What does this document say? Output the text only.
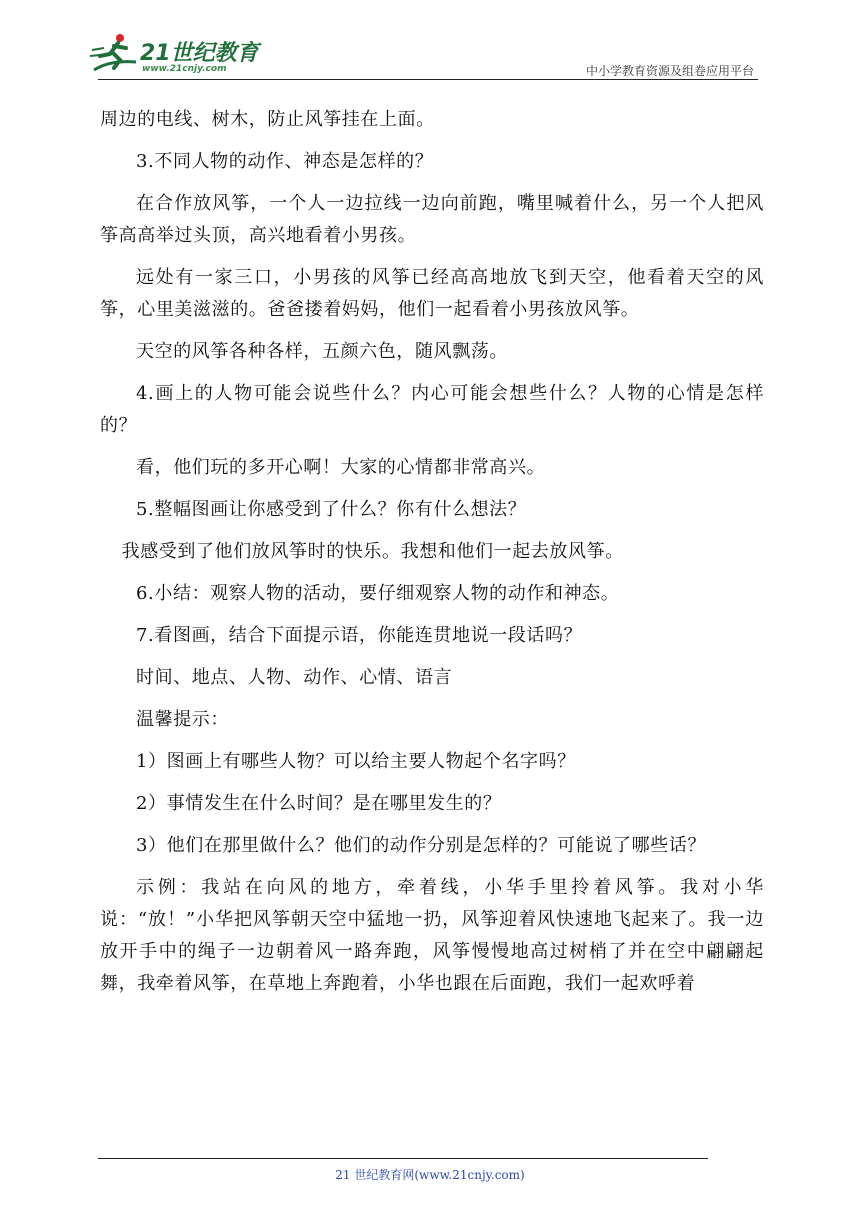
21世纪教育
www.21cnjy.com	中小学教育资源及组卷应用平台

周边的电线、树木，防止风筝挂在上面。

3.不同人物的动作、神态是怎样的？

在合作放风筝，一个人一边拉线一边向前跑，嘴里喊着什么，另一个人把风筝高高举过头顶，高兴地看着小男孩。

远处有一家三口，小男孩的风筝已经高高地放飞到天空，他看着天空的风筝，心里美滋滋的。爸爸搂着妈妈，他们一起看着小男孩放风筝。

天空的风筝各种各样，五颜六色，随风飘荡。

4.画上的人物可能会说些什么？内心可能会想些什么？人物的心情是怎样的？

看，他们玩的多开心啊！大家的心情都非常高兴。

5.整幅图画让你感受到了什么？你有什么想法？

我感受到了他们放风筝时的快乐。我想和他们一起去放风筝。

6.小结：观察人物的活动，要仔细观察人物的动作和神态。

7.看图画，结合下面提示语，你能连贯地说一段话吗？

时间、地点、人物、动作、心情、语言

温馨提示：

1）图画上有哪些人物？可以给主要人物起个名字吗？

2）事情发生在什么时间？是在哪里发生的？

3）他们在那里做什么？他们的动作分别是怎样的？可能说了哪些话？

示例：我站在向风的地方，牵着线，小华手里拎着风筝。我对小华说：“放！”小华把风筝朝天空中猛地一扔，风筝迎着风快速地飞起来了。我一边放开手中的绳子一边朝着风一路奔跑，风筝慢慢地高过树梢了并在空中翩翩起舞，我牵着风筝，在草地上奔跑着，小华也跟在后面跑，我们一起欢呼着

21 世纪教育网(www.21cnjy.com)
